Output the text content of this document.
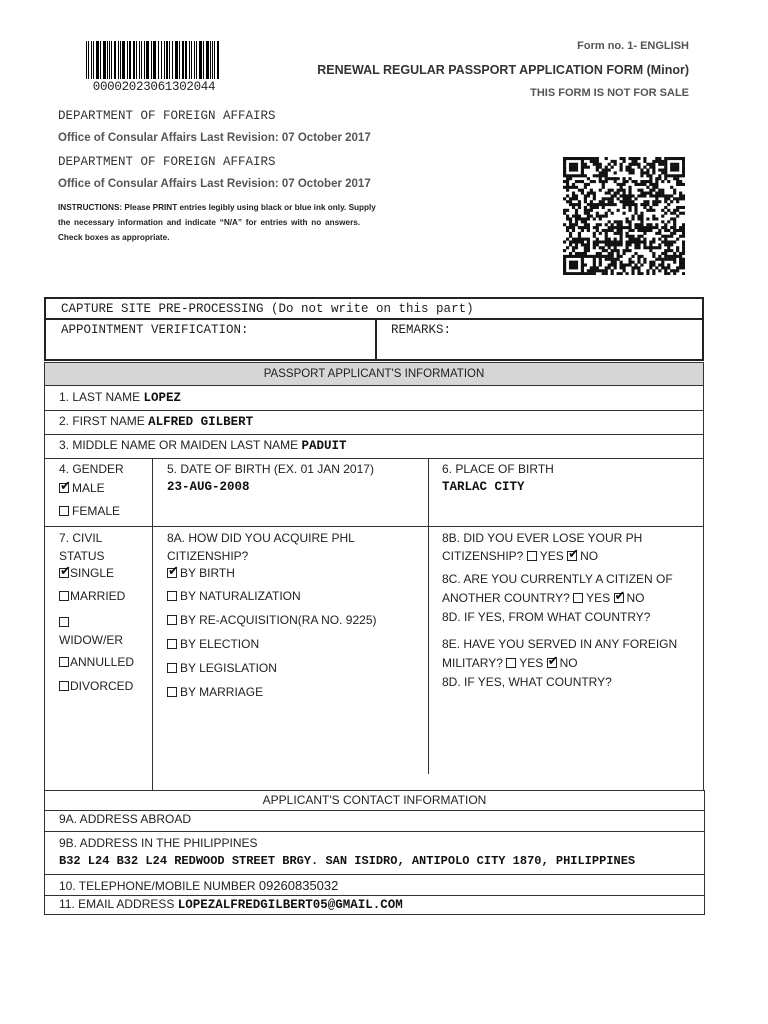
00002023061302044
Form no. 1- ENGLISH
RENEWAL REGULAR PASSPORT APPLICATION FORM (Minor)
THIS FORM IS NOT FOR SALE
DEPARTMENT OF FOREIGN AFFAIRS
Office of Consular Affairs Last Revision: 07 October 2017
DEPARTMENT OF FOREIGN AFFAIRS
Office of Consular Affairs Last Revision: 07 October 2017
INSTRUCTIONS: Please PRINT entries legibly using black or blue ink only. Supply
the necessary information and indicate “N/A” for entries with no answers.
Check boxes as appropriate.
CAPTURE SITE PRE-PROCESSING (Do not write on this part)
APPOINTMENT VERIFICATION:	REMARKS:
PASSPORT APPLICANT'S INFORMATION
1. LAST NAME LOPEZ
2. FIRST NAME ALFRED GILBERT
3. MIDDLE NAME OR MAIDEN LAST NAME PADUIT
4. GENDER
✔MALE
FEMALE
5. DATE OF BIRTH (EX. 01 JAN 2017)
23-AUG-2008
6. PLACE OF BIRTH
TARLAC CITY
7. CIVIL
STATUS
✔SINGLE
MARRIED
WIDOW/ER
ANNULLED
DIVORCED
8A. HOW DID YOU ACQUIRE PHL
CITIZENSHIP?
✔BY BIRTH
BY NATURALIZATION
BY RE-ACQUISITION(RA NO. 9225)
BY ELECTION
BY LEGISLATION
BY MARRIAGE
8B. DID YOU EVER LOSE YOUR PH
CITIZENSHIP? YES ✔ NO
8C. ARE YOU CURRENTLY A CITIZEN OF
ANOTHER COUNTRY? YES ✔ NO
8D. IF YES, FROM WHAT COUNTRY?
8E. HAVE YOU SERVED IN ANY FOREIGN
MILITARY? YES ✔ NO
8D. IF YES, WHAT COUNTRY?
APPLICANT'S CONTACT INFORMATION
9A. ADDRESS ABROAD
9B. ADDRESS IN THE PHILIPPINES
B32 L24 B32 L24 REDWOOD STREET BRGY. SAN ISIDRO, ANTIPOLO CITY 1870, PHILIPPINES
10. TELEPHONE/MOBILE NUMBER 09260835032
11. EMAIL ADDRESS LOPEZALFREDGILBERT05@GMAIL.COM
